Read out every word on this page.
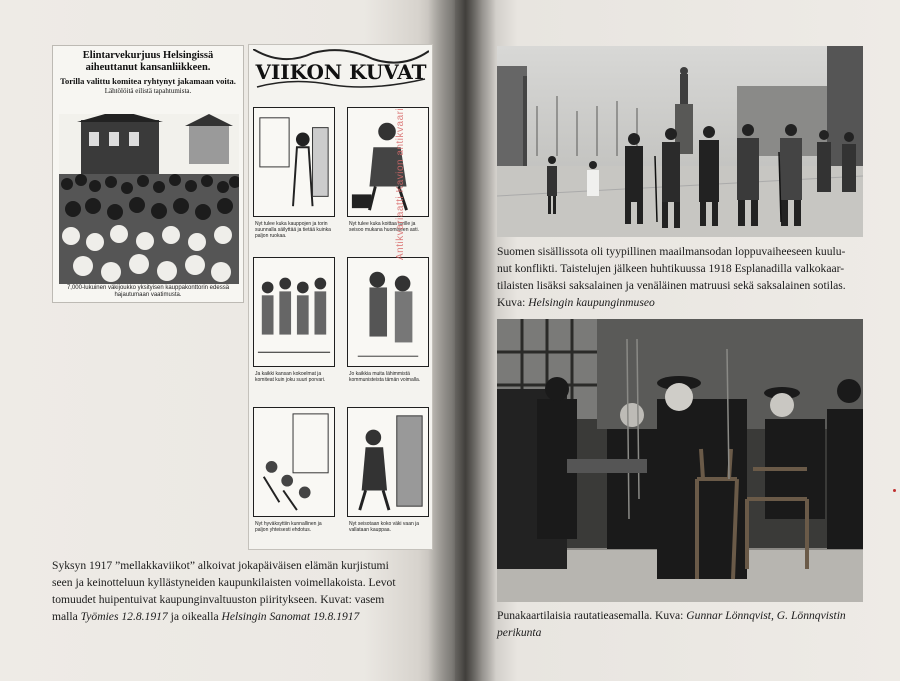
Elintarvekurjuus Helsingissä aiheuttanut kansanliikkeen.
Torilla valittu komitea ryhtynyt jakamaan voita.
Lähtölöitä eilistä tapahtumista.
7,000-lukuinen väkijoukko yksityisen kauppakonttorin edessä hajautumaan vaatimusta.
VIIKON KUVAT
Nyt tulee kuka kauppojen ja torin suunnalla säilyttää ja tietää kuinka paljon ruokaa.
Nyt tulee kuka koittaa torille ja seisoo mukana huomiseen asti.
Ja kaikki kansan kokoelmat ja komiteat kuin joku suuri porvari.
Jo kaikkia muita lähimmistä kommunisteista tämän voimalla.
Nyt hyväksyttiin kunnallinen ja paljon yhteisesti ehdotus.
Nyt seisotaan koko väki vaan ja vallataan kauppaa.
Antikvariaatti Kavion antikvaari
Syksyn 1917 ”mellakkaviikot” alkoivat jokapäiväisen elämän kurjistumi
seen ja keinotteluun kyllästyneiden kaupunkilaisten voimellakoista. Levot
tomuudet huipentuivat kaupunginvaltuuston piiritykseen. Kuvat: vasem
malla Työmies 12.8.1917 ja oikealla Helsingin Sanomat 19.8.1917
Suomen sisällissota oli tyypillinen maailmansodan loppuvaiheeseen kuulu-
nut konflikti. Taistelujen jälkeen huhtikuussa 1918 Esplanadilla valkokaar-
tilaisten lisäksi saksalainen ja venäläinen matruusi sekä saksalainen sotilas.
Kuva: Helsingin kaupunginmuseo
Punakaartilaisia rautatieasemalla. Kuva: Gunnar Lönnqvist, G. Lönnqvistin
perikunta
